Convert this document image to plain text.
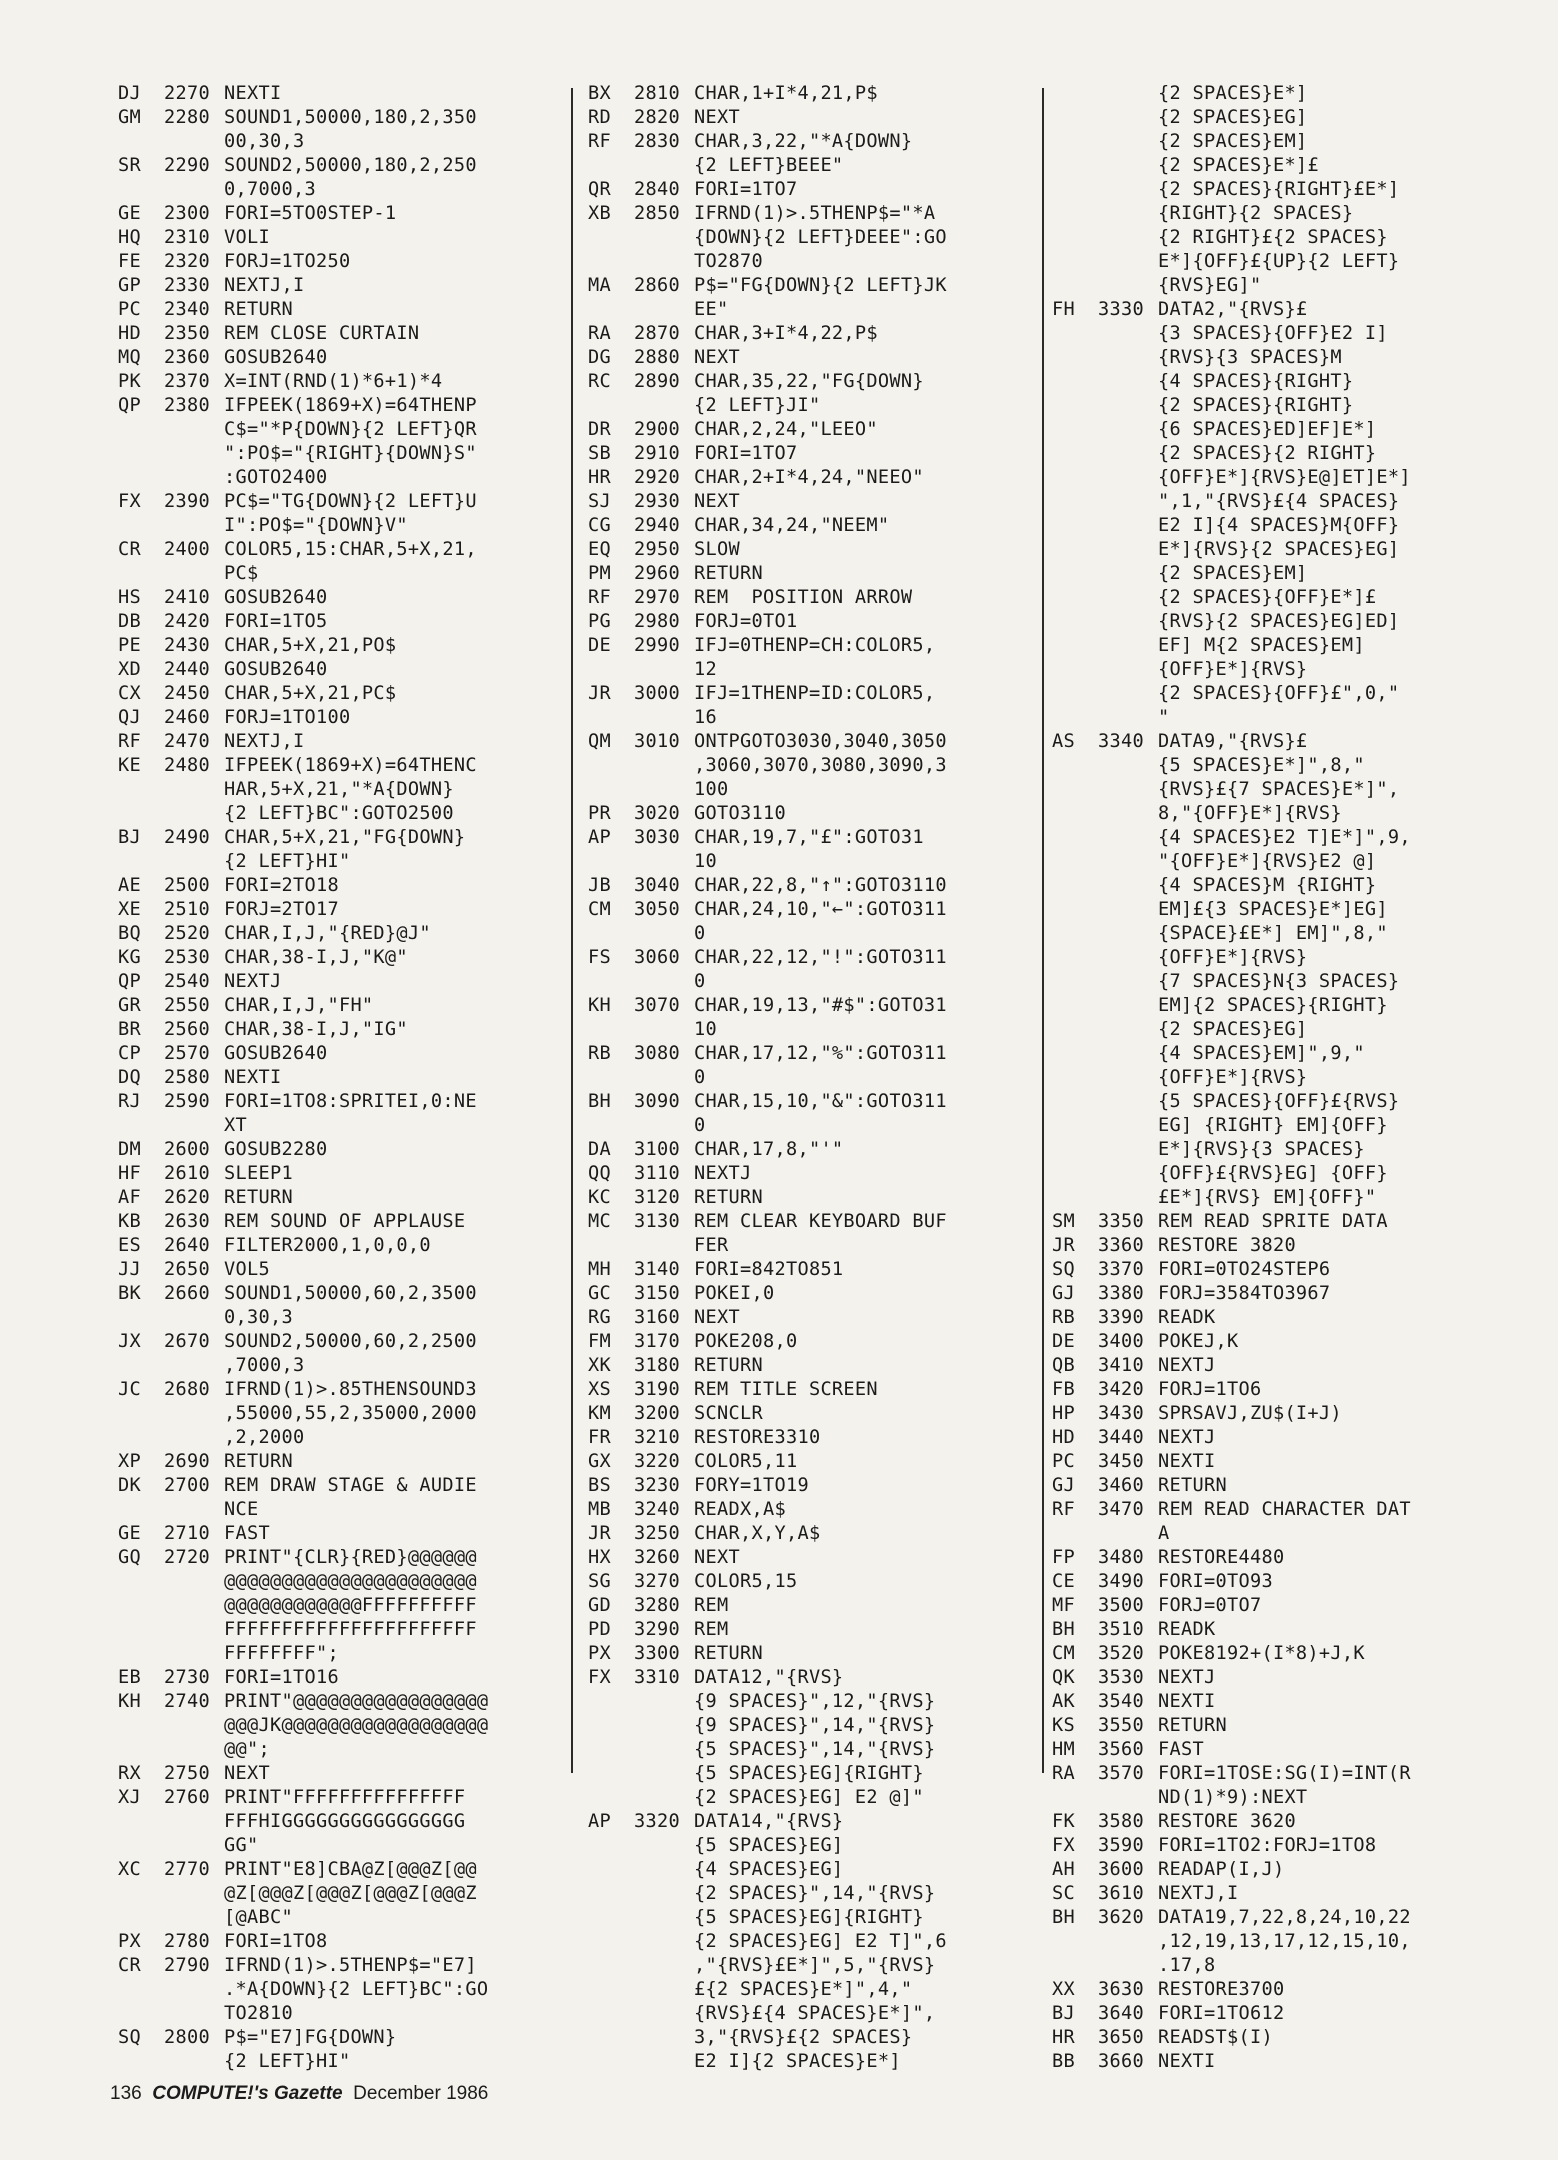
DJ	2270 NEXTI
GM	2280 SOUND1,50000,180,2,350
00,30,3
SR	2290 SOUND2,50000,180,2,250
0,7000,3
GE	2300 FORI=5TO0STEP-1
HQ	2310 VOLI
FE	2320 FORJ=1TO250
GP	2330 NEXTJ,I
PC	2340 RETURN
HD	2350 REM CLOSE CURTAIN
MQ	2360 GOSUB2640
PK	2370 X=INT(RND(1)*6+1)*4
QP	2380 IFPEEK(1869+X)=64THENP
C$="*P{DOWN}{2 LEFT}QR
":PO$="{RIGHT}{DOWN}S"
:GOTO2400
FX	2390 PC$="TG{DOWN}{2 LEFT}U
I":PO$="{DOWN}V"
CR	2400 COLOR5,15:CHAR,5+X,21,
PC$
HS	2410 GOSUB2640
DB	2420 FORI=1TO5
PE	2430 CHAR,5+X,21,PO$
XD	2440 GOSUB2640
CX	2450 CHAR,5+X,21,PC$
QJ	2460 FORJ=1TO100
RF	2470 NEXTJ,I
KE	2480 IFPEEK(1869+X)=64THENC
HAR,5+X,21,"*A{DOWN}
{2 LEFT}BC":GOTO2500
BJ	2490 CHAR,5+X,21,"FG{DOWN}
{2 LEFT}HI"
AE	2500 FORI=2TO18
XE	2510 FORJ=2TO17
BQ	2520 CHAR,I,J,"{RED}@J"
KG	2530 CHAR,38-I,J,"K@"
QP	2540 NEXTJ
GR	2550 CHAR,I,J,"FH"
BR	2560 CHAR,38-I,J,"IG"
CP	2570 GOSUB2640
DQ	2580 NEXTI
RJ	2590 FORI=1TO8:SPRITEI,0:NE
XT
DM	2600 GOSUB2280
HF	2610 SLEEP1
AF	2620 RETURN
KB	2630 REM SOUND OF APPLAUSE
ES	2640 FILTER2000,1,0,0,0
JJ	2650 VOL5
BK	2660 SOUND1,50000,60,2,3500
0,30,3
JX	2670 SOUND2,50000,60,2,2500
,7000,3
JC	2680 IFRND(1)>.85THENSOUND3
,55000,55,2,35000,2000
,2,2000
XP	2690 RETURN
DK	2700 REM DRAW STAGE & AUDIE
NCE
GE	2710 FAST
GQ	2720 PRINT"{CLR}{RED}@@@@@@
@@@@@@@@@@@@@@@@@@@@@@
@@@@@@@@@@@@FFFFFFFFFF
FFFFFFFFFFFFFFFFFFFFFF
FFFFFFFF";
EB	2730 FORI=1TO16
KH	2740 PRINT"@@@@@@@@@@@@@@@@@
@@@JK@@@@@@@@@@@@@@@@@@
@@";
RX	2750 NEXT
XJ	2760 PRINT"FFFFFFFFFFFFFFF
FFFHIGGGGGGGGGGGGGGGG
GG"
XC	2770 PRINT"E8]CBA@Z[@@@Z[@@
@Z[@@@Z[@@@Z[@@@Z[@@@Z
[@ABC"
PX	2780 FORI=1TO8
CR	2790 IFRND(1)>.5THENP$="E7]
.*A{DOWN}{2 LEFT}BC":GO
TO2810
SQ	2800 P$="E7]FG{DOWN}
{2 LEFT}HI"
BX	2810 CHAR,1+I*4,21,P$
RD	2820 NEXT
RF	2830 CHAR,3,22,"*A{DOWN}
{2 LEFT}BEEE"
QR	2840 FORI=1TO7
XB	2850 IFRND(1)>.5THENP$="*A
{DOWN}{2 LEFT}DEEE":GO
TO2870
MA	2860 P$="FG{DOWN}{2 LEFT}JK
EE"
RA	2870 CHAR,3+I*4,22,P$
DG	2880 NEXT
RC	2890 CHAR,35,22,"FG{DOWN}
{2 LEFT}JI"
DR	2900 CHAR,2,24,"LEEO"
SB	2910 FORI=1TO7
HR	2920 CHAR,2+I*4,24,"NEEO"
SJ	2930 NEXT
CG	2940 CHAR,34,24,"NEEM"
EQ	2950 SLOW
PM	2960 RETURN
RF	2970 REM  POSITION ARROW
PG	2980 FORJ=0TO1
DE	2990 IFJ=0THENP=CH:COLOR5,
12
JR	3000 IFJ=1THENP=ID:COLOR5,
16
QM	3010 ONTPGOTO3030,3040,3050
,3060,3070,3080,3090,3
100
PR	3020 GOTO3110
AP	3030 CHAR,19,7,"£":GOTO31
10
JB	3040 CHAR,22,8,"↑":GOTO3110
CM	3050 CHAR,24,10,"←":GOTO311
0
FS	3060 CHAR,22,12,"!":GOTO311
0
KH	3070 CHAR,19,13,"#$":GOTO31
10
RB	3080 CHAR,17,12,"%":GOTO311
0
BH	3090 CHAR,15,10,"&":GOTO311
0
DA	3100 CHAR,17,8,"'"
QQ	3110 NEXTJ
KC	3120 RETURN
MC	3130 REM CLEAR KEYBOARD BUF
FER
MH	3140 FORI=842TO851
GC	3150 POKEI,0
RG	3160 NEXT
FM	3170 POKE208,0
XK	3180 RETURN
XS	3190 REM TITLE SCREEN
KM	3200 SCNCLR
FR	3210 RESTORE3310
GX	3220 COLOR5,11
BS	3230 FORY=1TO19
MB	3240 READX,A$
JR	3250 CHAR,X,Y,A$
HX	3260 NEXT
SG	3270 COLOR5,15
GD	3280 REM
PD	3290 REM
PX	3300 RETURN
FX	3310 DATA12,"{RVS}
{9 SPACES}",12,"{RVS}
{9 SPACES}",14,"{RVS}
{5 SPACES}",14,"{RVS}
{5 SPACES}EG]{RIGHT}
{2 SPACES}EG] E2 @]"
AP	3320 DATA14,"{RVS}
{5 SPACES}EG]
{4 SPACES}EG]
{2 SPACES}",14,"{RVS}
{5 SPACES}EG]{RIGHT}
{2 SPACES}EG] E2 T]",6
,"{RVS}£E*]",5,"{RVS}
£{2 SPACES}E*]",4,"
{RVS}£{4 SPACES}E*]",
3,"{RVS}£{2 SPACES}
E2 I]{2 SPACES}E*]
{2 SPACES}E*]
{2 SPACES}EG]
{2 SPACES}EM]
{2 SPACES}E*]£
{2 SPACES}{RIGHT}£E*]
{RIGHT}{2 SPACES}
{2 RIGHT}£{2 SPACES}
E*]{OFF}£{UP}{2 LEFT}
{RVS}EG]"
FH	3330 DATA2,"{RVS}£
{3 SPACES}{OFF}E2 I]
{RVS}{3 SPACES}M
{4 SPACES}{RIGHT}
{2 SPACES}{RIGHT}
{6 SPACES}ED]EF]E*]
{2 SPACES}{2 RIGHT}
{OFF}E*]{RVS}E@]ET]E*]
",1,"{RVS}£{4 SPACES}
E2 I]{4 SPACES}M{OFF}
E*]{RVS}{2 SPACES}EG]
{2 SPACES}EM]
{2 SPACES}{OFF}E*]£
{RVS}{2 SPACES}EG]ED]
EF] M{2 SPACES}EM]
{OFF}E*]{RVS}
{2 SPACES}{OFF}£",0,"
"
AS	3340 DATA9,"{RVS}£
{5 SPACES}E*]",8,"
{RVS}£{7 SPACES}E*]",
8,"{OFF}E*]{RVS}
{4 SPACES}E2 T]E*]",9,
"{OFF}E*]{RVS}E2 @]
{4 SPACES}M {RIGHT}
EM]£{3 SPACES}E*]EG]
{SPACE}£E*] EM]",8,"
{OFF}E*]{RVS}
{7 SPACES}N{3 SPACES}
EM]{2 SPACES}{RIGHT}
{2 SPACES}EG]
{4 SPACES}EM]",9,"
{OFF}E*]{RVS}
{5 SPACES}{OFF}£{RVS}
EG] {RIGHT} EM]{OFF}
E*]{RVS}{3 SPACES}
{OFF}£{RVS}EG] {OFF}
£E*]{RVS} EM]{OFF}"
SM	3350 REM READ SPRITE DATA
JR	3360 RESTORE 3820
SQ	3370 FORI=0TO24STEP6
GJ	3380 FORJ=3584TO3967
RB	3390 READK
DE	3400 POKEJ,K
QB	3410 NEXTJ
FB	3420 FORJ=1TO6
HP	3430 SPRSAVJ,ZU$(I+J)
HD	3440 NEXTJ
PC	3450 NEXTI
GJ	3460 RETURN
RF	3470 REM READ CHARACTER DAT
A
FP	3480 RESTORE4480
CE	3490 FORI=0TO93
MF	3500 FORJ=0TO7
BH	3510 READK
CM	3520 POKE8192+(I*8)+J,K
QK	3530 NEXTJ
AK	3540 NEXTI
KS	3550 RETURN
HM	3560 FAST
RA	3570 FORI=1TOSE:SG(I)=INT(R
ND(1)*9):NEXT
FK	3580 RESTORE 3620
FX	3590 FORI=1TO2:FORJ=1TO8
AH	3600 READAP(I,J)
SC	3610 NEXTJ,I
BH	3620 DATA19,7,22,8,24,10,22
,12,19,13,17,12,15,10,
.17,8
XX	3630 RESTORE3700
BJ	3640 FORI=1TO612
HR	3650 READST$(I)
BB	3660 NEXTI
136 COMPUTE!'s Gazette December 1986
